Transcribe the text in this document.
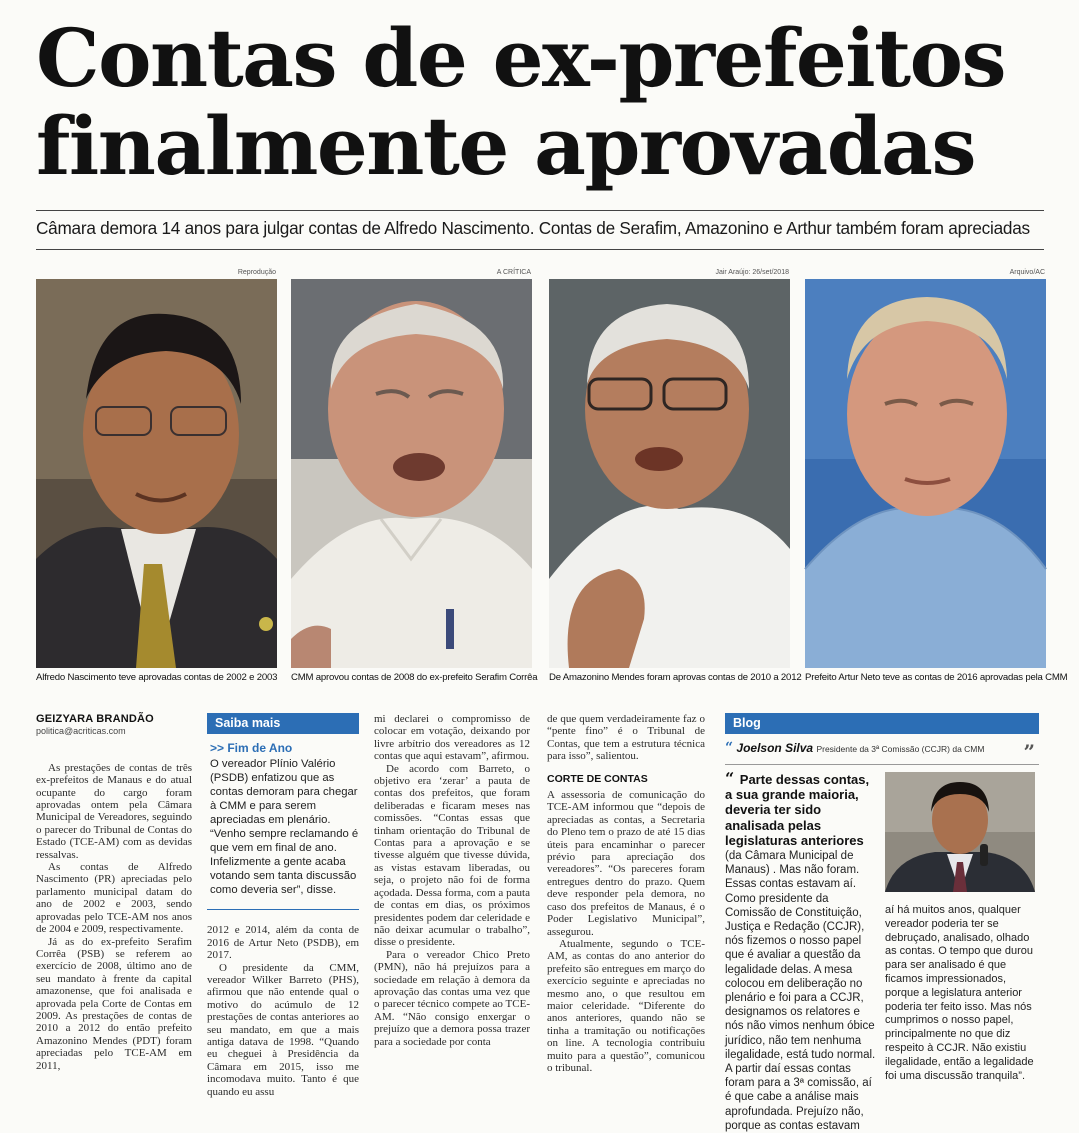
Contas de ex-prefeitos
finalmente aprovadas
Câmara demora 14 anos para julgar contas de Alfredo Nascimento. Contas de Serafim, Amazonino e Arthur também foram apreciadas
Reprodução	A CRÍTICA	Jair Araújo: 26/set/2018	Arquivo/AC
Alfredo Nascimento teve aprovadas contas de 2002 e 2003	CMM aprovou contas de 2008 do ex-prefeito Serafim Corrêa	De Amazonino Mendes foram aprovas contas de 2010 a 2012 Prefeito Artur Neto teve as contas de 2016 aprovadas pela CMM
GEIZYARA BRANDÃO
politica@acriticas.com

As prestações de contas de três ex-prefeitos de Manaus e do atual ocupante do cargo foram aprovadas ontem pela Câmara Municipal de Vereadores, seguindo o parecer do Tribunal de Contas do Estado (TCE-AM) com as devidas ressalvas.

As contas de Alfredo Nascimento (PR) apreciadas pelo parlamento municipal datam do ano de 2002 e 2003, sendo aprovadas pelo TCE-AM nos anos de 2004 e 2009, respectivamente.

Já as do ex-prefeito Serafim Corrêa (PSB) se referem ao exercício de 2008, último ano de seu mandato à frente da capital amazonense, que foi analisada e aprovada pela Corte de Contas em 2009. As prestações de contas de 2010 a 2012 do então prefeito Amazonino Mendes (PDT) foram apreciadas pelo TCE-AM em 2011,

Saiba mais
>> Fim de Ano
O vereador Plínio Valério (PSDB) enfatizou que as contas demoram para chegar à CMM e para serem apreciadas em plenário. “Venho sempre reclamando é que vem em final de ano. Infelizmente a gente acaba votando sem tanta discussão como deveria ser”, disse.

2012 e 2014, além da conta de 2016 de Artur Neto (PSDB), em 2017.

O presidente da CMM, vereador Wilker Barreto (PHS), afirmou que não entende qual o motivo do acúmulo de 12 prestações de contas anteriores ao seu mandato, em que a mais antiga datava de 1998. “Quando eu cheguei à Presidência da Câmara em 2015, isso me incomodava muito. Tanto é que quando eu assu

mi declarei o compromisso de colocar em votação, deixando por livre arbítrio dos vereadores as 12 contas que aqui estavam”, afirmou.

De acordo com Barreto, o objetivo era ‘zerar’ a pauta de contas dos prefeitos, que foram deliberadas e ficaram meses nas comissões. “Contas essas que tinham orientação do Tribunal de Contas para a aprovação e se tivesse alguém que tivesse dúvida, as vistas estavam liberadas, ou seja, o projeto não foi de forma açodada. Dessa forma, com a pauta de contas em dias, os próximos presidentes podem dar celeridade e não deixar acumular o trabalho”, disse o presidente.

Para o vereador Chico Preto (PMN), não há prejuízos para a sociedade em relação à demora da aprovação das contas uma vez que o parecer técnico compete ao TCE-AM. “Não consigo enxergar o prejuízo que a demora possa trazer para a sociedade por conta

de que quem verdadeiramente faz o “pente fino” é o Tribunal de Contas, que tem a estrutura técnica para isso”, salientou.

CORTE DE CONTAS

A assessoria de comunicação do TCE-AM informou que “depois de apreciadas as contas, a Secretaria do Pleno tem o prazo de até 15 dias úteis para encaminhar o parecer prévio para apreciação dos vereadores”. “Os pareceres foram entregues dentro do prazo. Quem deve responder pela demora, no caso dos prefeitos de Manaus, é o Poder Legislativo Municipal”, assegurou.

Atualmente, segundo o TCE-AM, as contas do ano anterior do prefeito são entregues em março do exercício seguinte e apreciadas no mesmo ano, o que resultou em maior celeridade. “Diferente do anos anteriores, quando não se tinha a tramitação ou notificações on line. A tecnologia contribuiu muito para a questão”, comunicou o tribunal.

Blog
“ Joelson Silva Presidente da 3ª Comissão (CCJR) da CMM ”
“ Parte dessas contas, a sua grande maioria, deveria ter sido analisada pelas legislaturas anteriores (da Câmara Municipal de Manaus) . Mas não foram. Essas contas estavam aí. Como presidente da Comissão de Constituição, Justiça e Redação (CCJR), nós fizemos o nosso papel que é avaliar a questão da legalidade delas. A mesa colocou em deliberação no plenário e foi para a CCJR, designamos os relatores e nós não vimos nenhum óbice jurídico, não tem nenhuma ilegalidade, está tudo normal. A partir daí essas contas foram para a 3ª comissão, aí é que cabe a análise mais aprofundada. Prejuízo não, porque as contas estavam
aí há muitos anos, qualquer vereador poderia ter se debruçado, analisado, olhado as contas. O tempo que durou para ser analisado é que ficamos impressionados, porque a legislatura anterior poderia ter feito isso. Mas nós cumprimos o nosso papel, principalmente no que diz respeito à CCJR. Não existiu ilegalidade, então a legalidade foi uma discussão tranquila”.
